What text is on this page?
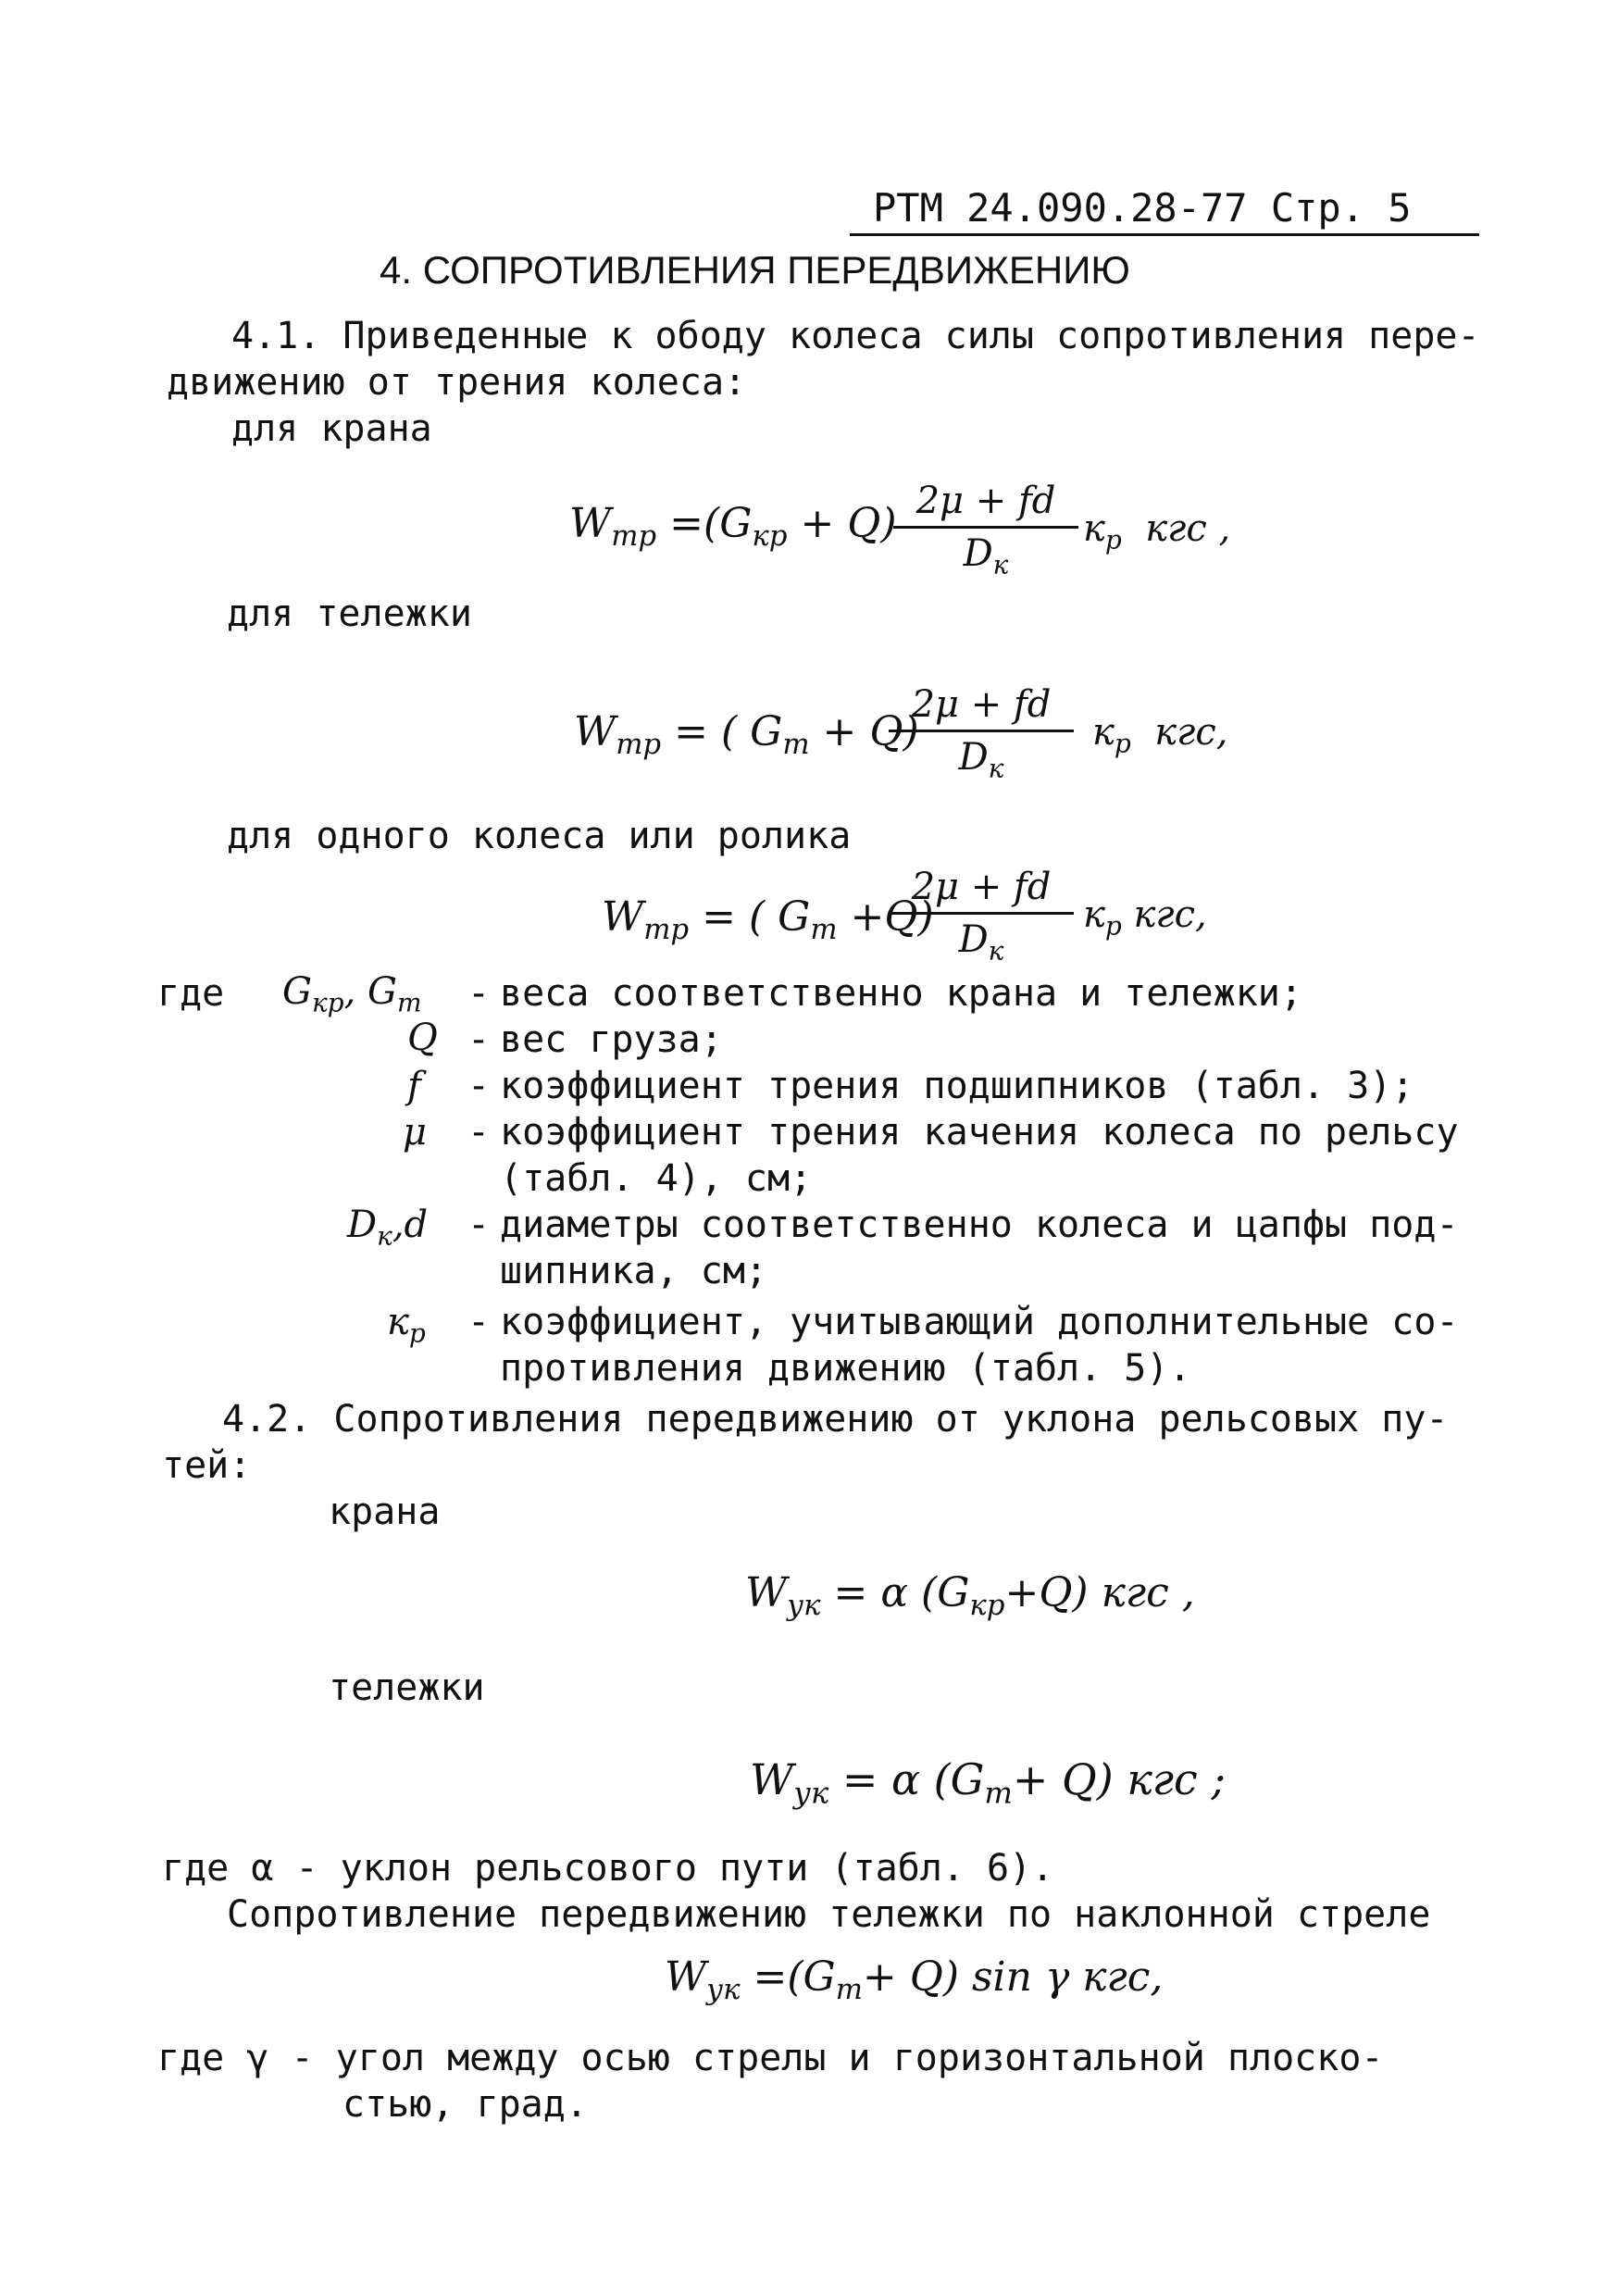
РТМ 24.090.28-77 Стр. 5
4. СОПРОТИВЛЕНИЯ ПЕРЕДВИЖЕНИЮ
4.1. Приведенные к ободу колеса силы сопротивления пере-
движению от трения колеса:
для крана
$W_{тр} =(G_{кр} + Q) 2\mu$ + fd
$D_к$
$к_р$ кгс ,
для тележки
$W_{тр}$ = ( $G_т + Q$)
2μ + fd
$D_к$
$к_р$ кгс,
для одного колеса или ролика
$W_{тр}$ = ( $G_т +Q$)
2μ + fd
$D_к$
$к_р$ кгс,
где $G_{кр}$, $G_т$ - веса соответственно крана и тележки;
Q - вес груза;
f - коэффициент трения подшипников (табл. 3);
μ - коэффициент трения качения колеса по рельсу
(табл. 4), см;
$D_к,d$ - диаметры соответственно колеса и цапфы под-
шипника, см;
$к_р$ - коэффициент, учитывающий дополнительные со-
противления движению (табл. 5).
4.2. Сопротивления передвижению от уклона рельсовых пу-
тей:
крана
$W_{ук} = \alpha$ $(G_{кр}+Q)$ кгс ,
тележки
$W_{ук} = \alpha$ $(G_т+ Q)$ кгс ;
где α - уклон рельсового пути (табл. 6).
Сопротивление передвижению тележки по наклонной стреле
$W_{ук} =(G_т+ Q)$ sin γ кгс,
где γ - угол между осью стрелы и горизонтальной плоско-
стью, град.
